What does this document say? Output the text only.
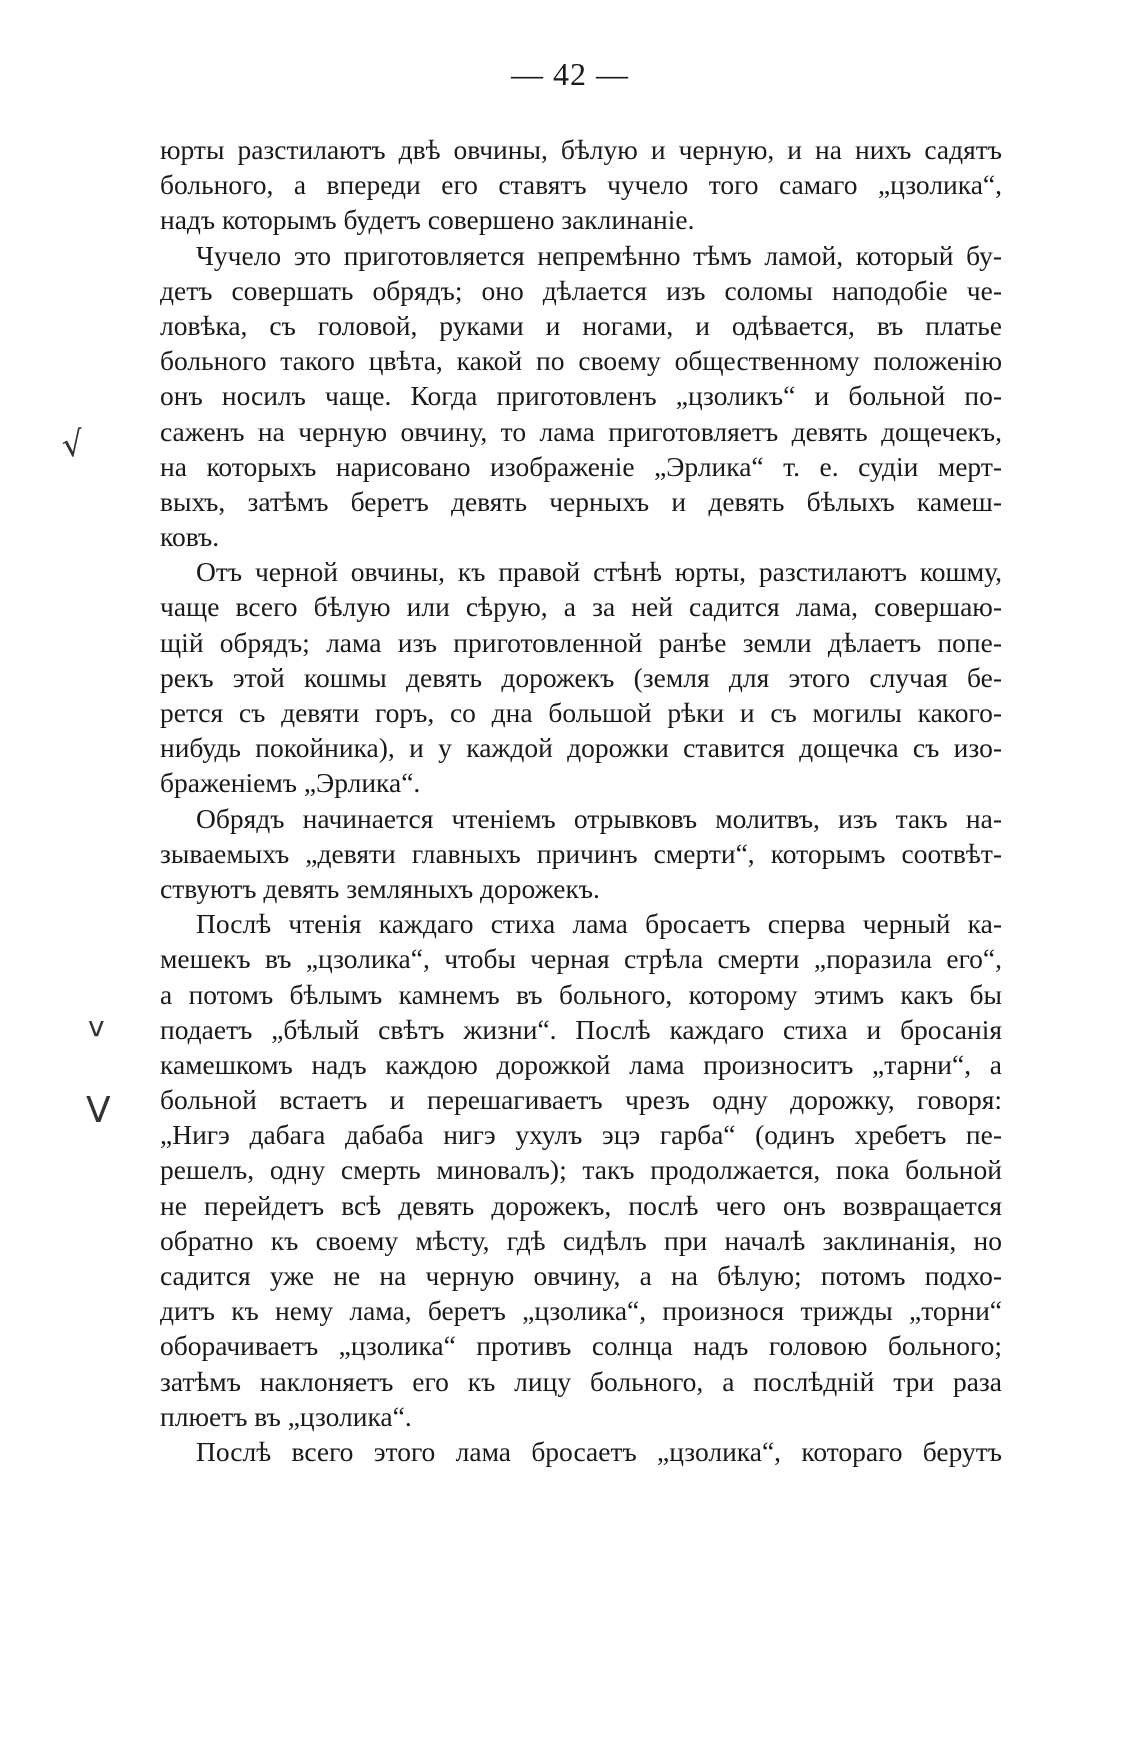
— 42 —
юрты разстилаютъ двѣ овчины, бѣлую и черную, и на нихъ садятъ
больного, а впереди его ставятъ чучело того самаго „цзолика“,
надъ которымъ будетъ совершено заклинаніе.
Чучело это приготовляется непремѣнно тѣмъ ламой, который бу-
детъ совершать обрядъ; оно дѣлается изъ соломы наподобіе че-
ловѣка, съ головой, руками и ногами, и одѣвается, въ платье
больного такого цвѣта, какой по своему общественному положенію
онъ носилъ чаще. Когда приготовленъ „цзоликъ“ и больной по-
саженъ на черную овчину, то лама приготовляетъ девять дощечекъ,
на которыхъ нарисовано изображеніе „Эрлика“ т. е. судіи мерт-
выхъ, затѣмъ беретъ девять черныхъ и девять бѣлыхъ камеш-
ковъ.
Отъ черной овчины, къ правой стѣнѣ юрты, разстилаютъ кошму,
чаще всего бѣлую или сѣрую, а за ней садится лама, совершаю-
щій обрядъ; лама изъ приготовленной ранѣе земли дѣлаетъ попе-
рекъ этой кошмы девять дорожекъ (земля для этого случая бе-
рется съ девяти горъ, со дна большой рѣки и съ могилы какого-
нибудь покойника), и у каждой дорожки ставится дощечка съ изо-
браженіемъ „Эрлика“.
Обрядъ начинается чтеніемъ отрывковъ молитвъ, изъ такъ на-
зываемыхъ „девяти главныхъ причинъ смерти“, которымъ соотвѣт-
ствуютъ девять земляныхъ дорожекъ.
Послѣ чтенія каждаго стиха лама бросаетъ сперва черный ка-
мешекъ въ „цзолика“, чтобы черная стрѣла смерти „поразила его“,
а потомъ бѣлымъ камнемъ въ больного, которому этимъ какъ бы
подаетъ „бѣлый свѣтъ жизни“. Послѣ каждаго стиха и бросанія
камешкомъ надъ каждою дорожкой лама произноситъ „тарни“, а
больной встаетъ и перешагиваетъ чрезъ одну дорожку, говоря:
„Нигэ дабага дабаба нигэ ухулъ эцэ гарба“ (одинъ хребетъ пе-
решелъ, одну смерть миновалъ); такъ продолжается, пока больной
не перейдетъ всѣ девять дорожекъ, послѣ чего онъ возвращается
обратно къ своему мѣсту, гдѣ сидѣлъ при началѣ заклинанія, но
садится уже не на черную овчину, а на бѣлую; потомъ подхо-
дитъ къ нему лама, беретъ „цзолика“, произнося трижды „торни“
оборачиваетъ „цзолика“ противъ солнца надъ головою больного;
затѣмъ наклоняетъ его къ лицу больного, а послѣдній три раза
плюетъ въ „цзолика“.
Послѣ всего этого лама бросаетъ „цзолика“, котораго берутъ
√
v
V
